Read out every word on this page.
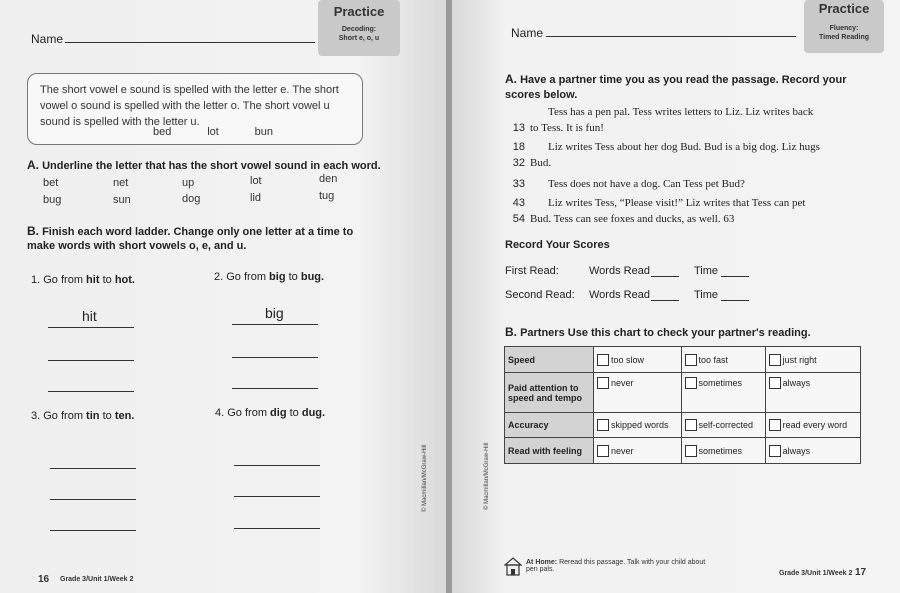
Practice
Decoding:
Short e, o, u
Name
The short vowel e sound is spelled with the letter e. The short
vowel o sound is spelled with the letter o. The short vowel u
sound is spelled with the letter u.
bed	lot	bun
A. Underline the letter that has the short vowel sound in each word.
bet	net	up	lot	den
bug	sun	dog	lid	tug
B. Finish each word ladder. Change only one letter at a time to
make words with short vowels o, e, and u.
1. Go from hit to hot.
hit
2. Go from big to bug.
big
3. Go from tin to ten.	4. Go from dig to dug.
© Macmillan/McGraw-Hill
16 Grade 3/Unit 1/Week 2
Practice
Fluency:
Timed Reading
Name
A. Have a partner time you as you read the passage. Record your
scores below.
Tess has a pen pal. Tess writes letters to Liz. Liz writes back
13 to Tess. It is fun!
18 Liz writes Tess about her dog Bud. Bud is a big dog. Liz hugs
32 Bud.
33 Tess does not have a dog. Can Tess pet Bud?
43 Liz writes Tess, “Please visit!” Liz writes that Tess can pet
54 Bud. Tess can see foxes and ducks, as well. 63
Record Your Scores
First Read:	Words Read	Time
Second Read: Words Read	Time
B. Partners Use this chart to check your partner's reading.
© Macmillan/McGraw-Hill
At Home: Reread this passage. Talk with your child about
pen pals.
Grade 3/Unit 1/Week 2 17
Speed	too slow	too fast	just right
Paid attention to speed and tempo	never	sometimes	always
Accuracy	skipped words	self-corrected	read every word
Read with feeling	never	sometimes	always
